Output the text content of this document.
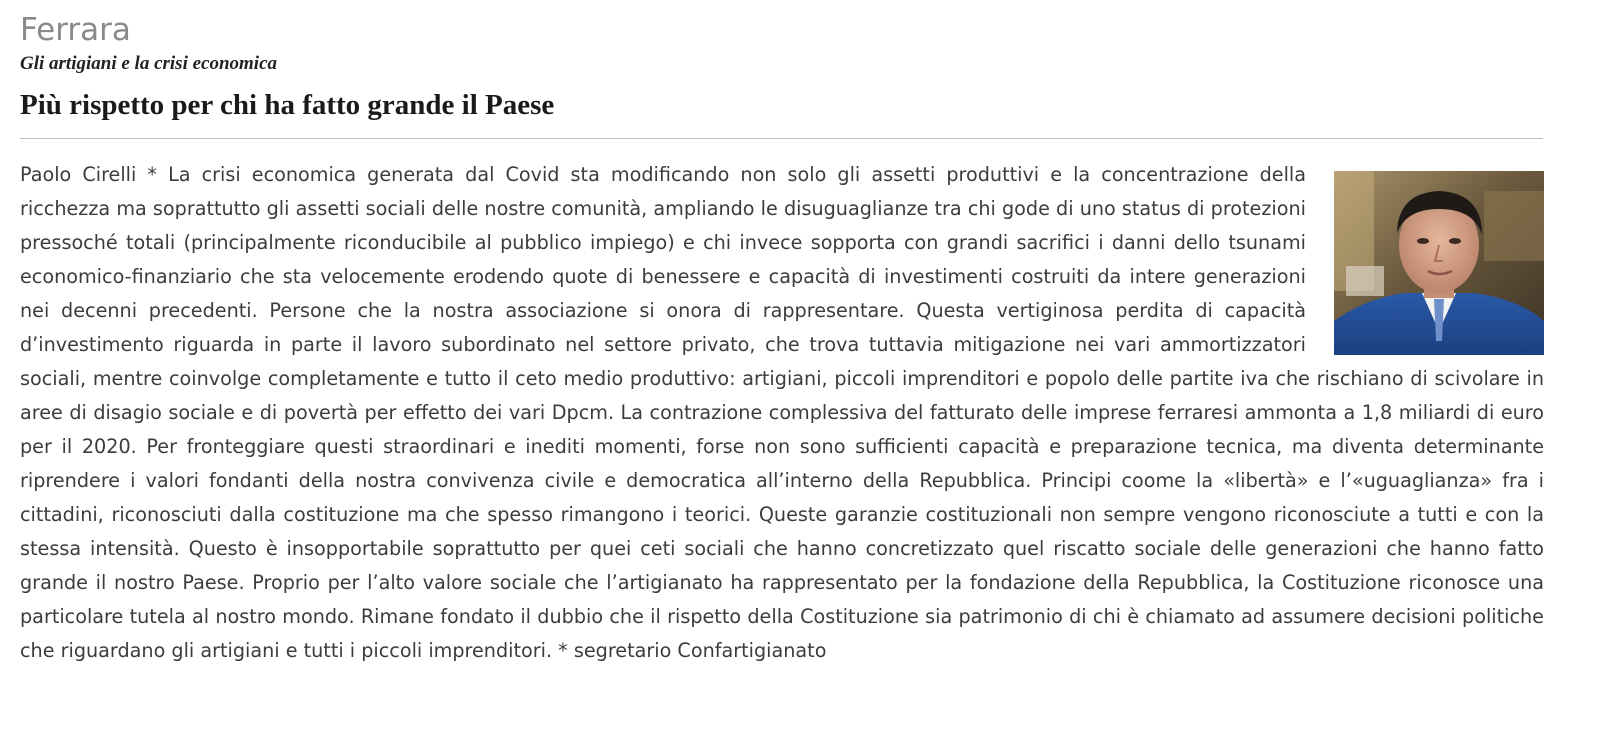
Ferrara
Gli artigiani e la crisi economica
Più rispetto per chi ha fatto grande il Paese
Paolo Cirelli * La crisi economica generata dal Covid sta modificando non solo gli assetti produttivi e la concentrazione della ricchezza ma soprattutto gli assetti sociali delle nostre comunità, ampliando le disuguaglianze tra chi gode di uno status di protezioni pressoché totali (principalmente riconducibile al pubblico impiego) e chi invece sopporta con grandi sacrifici i danni dello tsunami economico-finanziario che sta velocemente erodendo quote di benessere e capacità di investimenti costruiti da intere generazioni nei decenni precedenti. Persone che la nostra associazione si onora di rappresentare. Questa vertiginosa perdita di capacità d’investimento riguarda in parte il lavoro subordinato nel settore privato, che trova tuttavia mitigazione nei vari ammortizzatori sociali, mentre coinvolge completamente e tutto il ceto medio produttivo: artigiani, piccoli imprenditori e popolo delle partite iva che rischiano di scivolare in aree di disagio sociale e di povertà per effetto dei vari Dpcm. La contrazione complessiva del fatturato delle imprese ferraresi ammonta a 1,8 miliardi di euro per il 2020. Per fronteggiare questi straordinari e inediti momenti, forse non sono sufficienti capacità e preparazione tecnica, ma diventa determinante riprendere i valori fondanti della nostra convivenza civile e democratica all’interno della Repubblica. Principi coome la «libertà» e l’«uguaglianza» fra i cittadini, riconosciuti dalla costituzione ma che spesso rimangono i teorici. Queste garanzie costituzionali non sempre vengono riconosciute a tutti e con la stessa intensità. Questo è insopportabile soprattutto per quei ceti sociali che hanno concretizzato quel riscatto sociale delle generazioni che hanno fatto grande il nostro Paese. Proprio per l’alto valore sociale che l’artigianato ha rappresentato per la fondazione della Repubblica, la Costituzione riconosce una particolare tutela al nostro mondo. Rimane fondato il dubbio che il rispetto della Costituzione sia patrimonio di chi è chiamato ad assumere decisioni politiche che riguardano gli artigiani e tutti i piccoli imprenditori. * segretario Confartigianato
